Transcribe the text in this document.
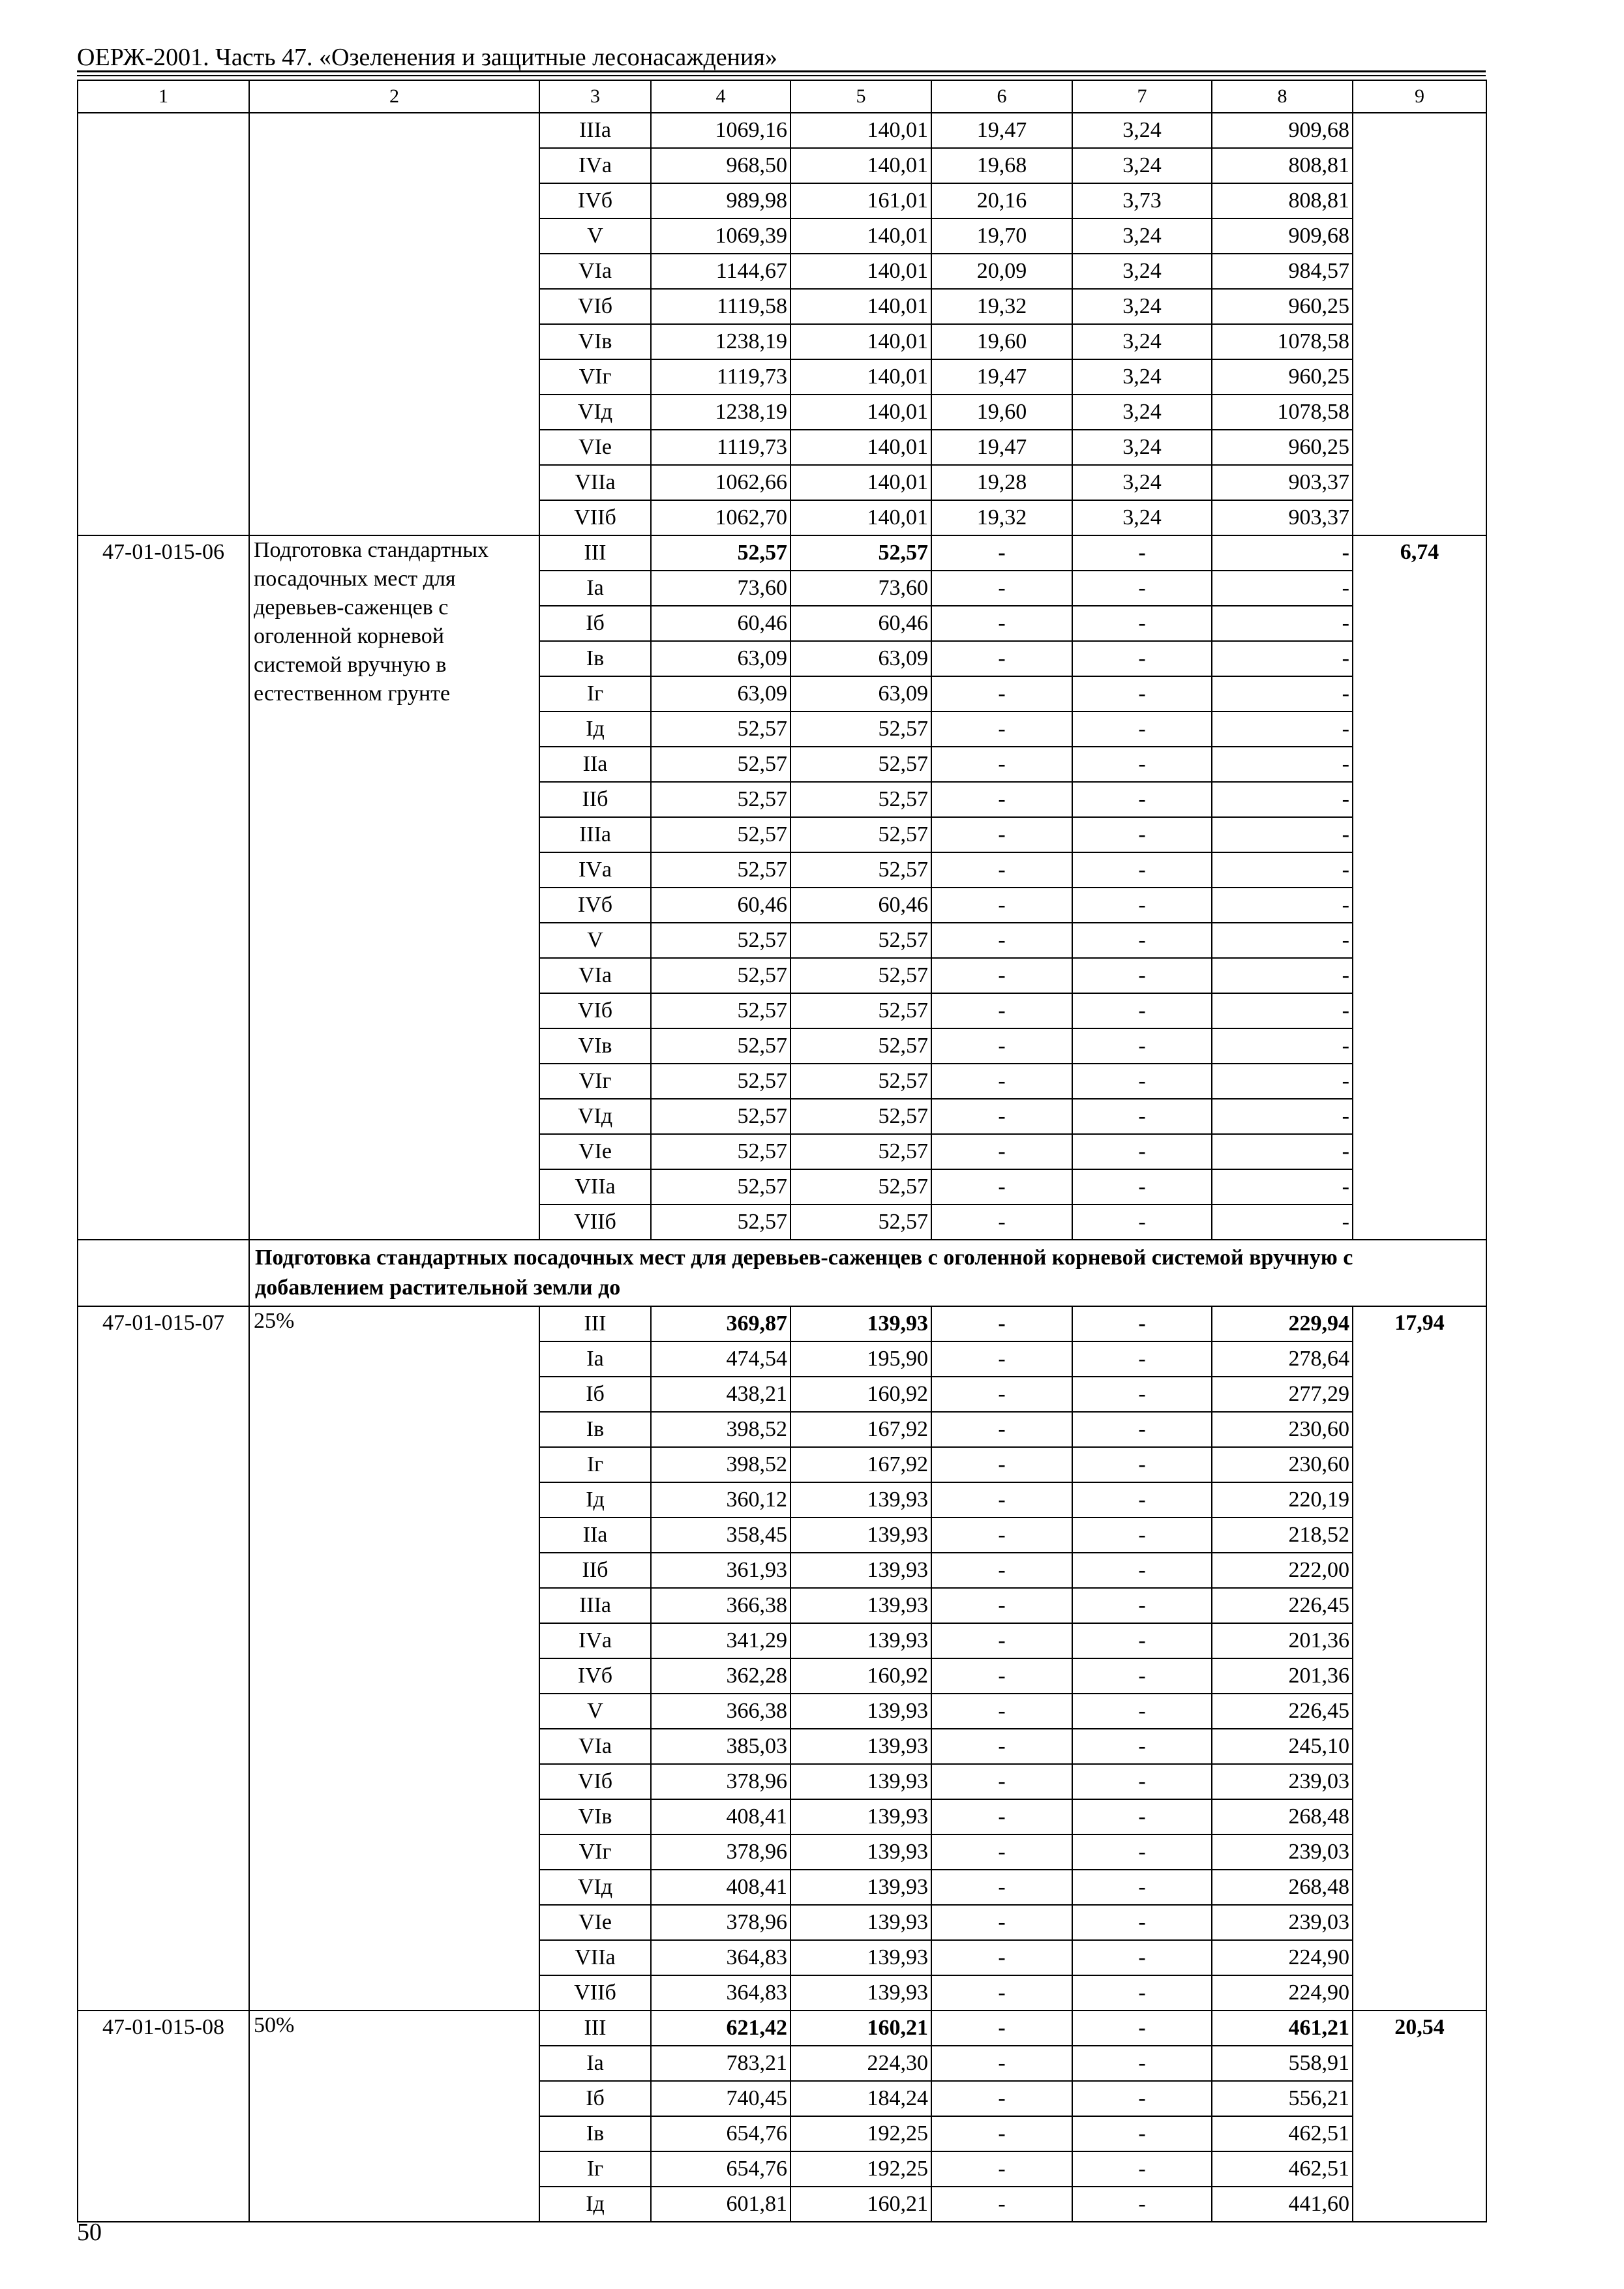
ОЕРЖ-2001. Часть 47. «Озеленения и защитные лесонасаждения»
1	2	3	4	5	6	7	8	9
		IIIа	1069,16	140,01	19,47	3,24	909,68	
		IVа	968,50	140,01	19,68	3,24	808,81	
		IVб	989,98	161,01	20,16	3,73	808,81	
		V	1069,39	140,01	19,70	3,24	909,68	
		VIа	1144,67	140,01	20,09	3,24	984,57	
		VIб	1119,58	140,01	19,32	3,24	960,25	
		VIв	1238,19	140,01	19,60	3,24	1078,58	
		VIг	1119,73	140,01	19,47	3,24	960,25	
		VIд	1238,19	140,01	19,60	3,24	1078,58	
		VIе	1119,73	140,01	19,47	3,24	960,25	
		VIIа	1062,66	140,01	19,28	3,24	903,37	
		VIIб	1062,70	140,01	19,32	3,24	903,37	
47-01-015-06	Подготовка стандартных посадочных мест для деревьев-саженцев с оголенной корневой системой вручную в естественном грунте	III	52,57	52,57	-	-	-	6,74
		Iа	73,60	73,60	-	-	-	
		Iб	60,46	60,46	-	-	-	
		Iв	63,09	63,09	-	-	-	
		Iг	63,09	63,09	-	-	-	
		Iд	52,57	52,57	-	-	-	
		IIа	52,57	52,57	-	-	-	
		IIб	52,57	52,57	-	-	-	
		IIIа	52,57	52,57	-	-	-	
		IVа	52,57	52,57	-	-	-	
		IVб	60,46	60,46	-	-	-	
		V	52,57	52,57	-	-	-	
		VIа	52,57	52,57	-	-	-	
		VIб	52,57	52,57	-	-	-	
		VIв	52,57	52,57	-	-	-	
		VIг	52,57	52,57	-	-	-	
		VIд	52,57	52,57	-	-	-	
		VIе	52,57	52,57	-	-	-	
		VIIа	52,57	52,57	-	-	-	
		VIIб	52,57	52,57	-	-	-	
	Подготовка стандартных посадочных мест для деревьев-саженцев с оголенной корневой системой вручную с добавлением растительной земли до							
47-01-015-07	25%	III	369,87	139,93	-	-	229,94	17,94
		Iа	474,54	195,90	-	-	278,64	
		Iб	438,21	160,92	-	-	277,29	
		Iв	398,52	167,92	-	-	230,60	
		Iг	398,52	167,92	-	-	230,60	
		Iд	360,12	139,93	-	-	220,19	
		IIа	358,45	139,93	-	-	218,52	
		IIб	361,93	139,93	-	-	222,00	
		IIIа	366,38	139,93	-	-	226,45	
		IVа	341,29	139,93	-	-	201,36	
		IVб	362,28	160,92	-	-	201,36	
		V	366,38	139,93	-	-	226,45	
		VIа	385,03	139,93	-	-	245,10	
		VIб	378,96	139,93	-	-	239,03	
		VIв	408,41	139,93	-	-	268,48	
		VIг	378,96	139,93	-	-	239,03	
		VIд	408,41	139,93	-	-	268,48	
		VIе	378,96	139,93	-	-	239,03	
		VIIа	364,83	139,93	-	-	224,90	
		VIIб	364,83	139,93	-	-	224,90	
47-01-015-08	50%	III	621,42	160,21	-	-	461,21	20,54
		Iа	783,21	224,30	-	-	558,91	
		Iб	740,45	184,24	-	-	556,21	
		Iв	654,76	192,25	-	-	462,51	
		Iг	654,76	192,25	-	-	462,51	
		Iд	601,81	160,21	-	-	441,60	
50
